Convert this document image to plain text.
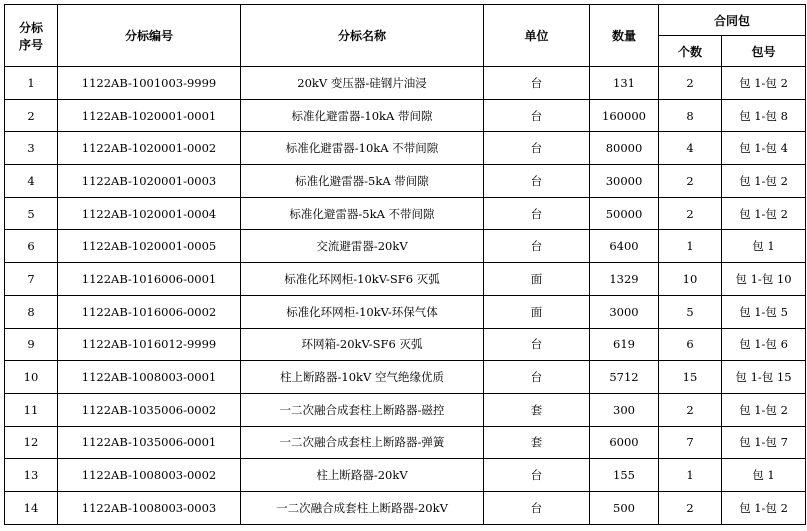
分标
序号	分标编号	分标名称	单位	数量	合同包	
					个数	包号
1	1122AB-1001003-9999	20kV 变压器-硅钢片油浸	台	131	2	包 1-包 2
2	1122AB-1020001-0001	标准化避雷器-10kA 带间隙	台	160000	8	包 1-包 8
3	1122AB-1020001-0002	标准化避雷器-10kA 不带间隙	台	80000	4	包 1-包 4
4	1122AB-1020001-0003	标准化避雷器-5kA 带间隙	台	30000	2	包 1-包 2
5	1122AB-1020001-0004	标准化避雷器-5kA 不带间隙	台	50000	2	包 1-包 2
6	1122AB-1020001-0005	交流避雷器-20kV	台	6400	1	包 1
7	1122AB-1016006-0001	标准化环网柜-10kV-SF6 灭弧	面	1329	10	包 1-包 10
8	1122AB-1016006-0002	标准化环网柜-10kV-环保气体	面	3000	5	包 1-包 5
9	1122AB-1016012-9999	环网箱-20kV-SF6 灭弧	台	619	6	包 1-包 6
10	1122AB-1008003-0001	柱上断路器-10kV 空气绝缘优质	台	5712	15	包 1-包 15
11	1122AB-1035006-0002	一二次融合成套柱上断路器-磁控	套	300	2	包 1-包 2
12	1122AB-1035006-0001	一二次融合成套柱上断路器-弹簧	套	6000	7	包 1-包 7
13	1122AB-1008003-0002	柱上断路器-20kV	台	155	1	包 1
14	1122AB-1008003-0003	一二次融合成套柱上断路器-20kV	台	500	2	包 1-包 2
